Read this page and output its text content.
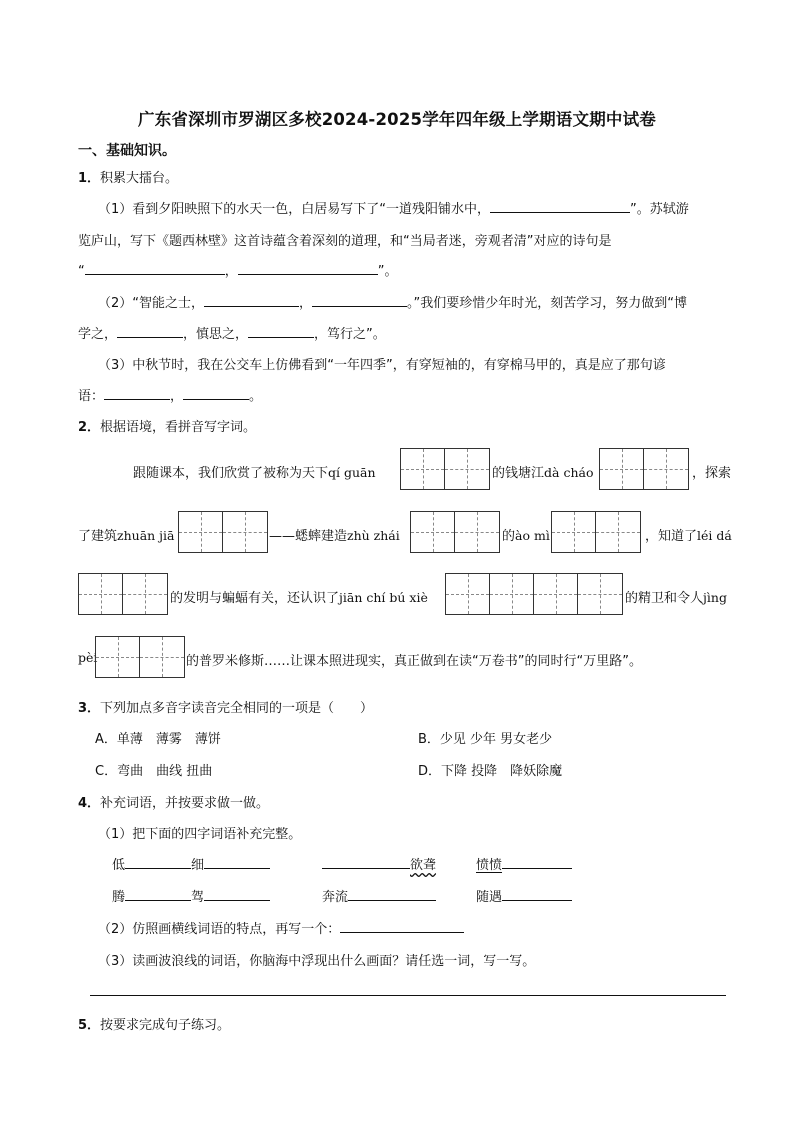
广东省深圳市罗湖区多校2024-2025学年四年级上学期语文期中试卷
一、基础知识。
1．积累大擂台。
（1）看到夕阳映照下的水天一色，白居易写下了“一道残阳铺水中，	”。苏轼游
览庐山，写下《题西林壁》这首诗蕴含着深刻的道理，和“当局者迷，旁观者清”对应的诗句是
“	，	”。
（2）“智能之士，	，	。”我们要珍惜少年时光，刻苦学习，努力做到“博
学之，	，慎思之，	，笃行之”。
（3）中秋节时，我在公交车上仿佛看到“一年四季”，有穿短袖的，有穿棉马甲的，真是应了那句谚
语：	，	。
2．根据语境，看拼音写字词。
跟随课本，我们欣赏了被称为天下qí guān	的钱塘江dà cháo	，探索
了建筑zhuān jiā	——蟋蟀建造zhù zhái	的ào mì	，知道了léi dá
的发明与蝙蝠有关，还认识了jiān chí bú xiè	的精卫和令人jìng
pèi	的普罗米修斯……让课本照进现实，真正做到在读“万卷书”的同时行“万里路”。
3．下列加点多音字读音完全相同的一项是（　　）
A．单薄　薄雾　薄饼	B．少见 少年 男女老少
C．弯曲　曲线 扭曲	D．下降 投降　降妖除魔
4．补充词语，并按要求做一做。
（1）把下面的四字词语补充完整。
低	细	欲聋	愤愤
腾	驾	奔流	随遇
（2）仿照画横线词语的特点，再写一个：
（3）读画波浪线的词语，你脑海中浮现出什么画面？请任选一词，写一写。
5．按要求完成句子练习。
